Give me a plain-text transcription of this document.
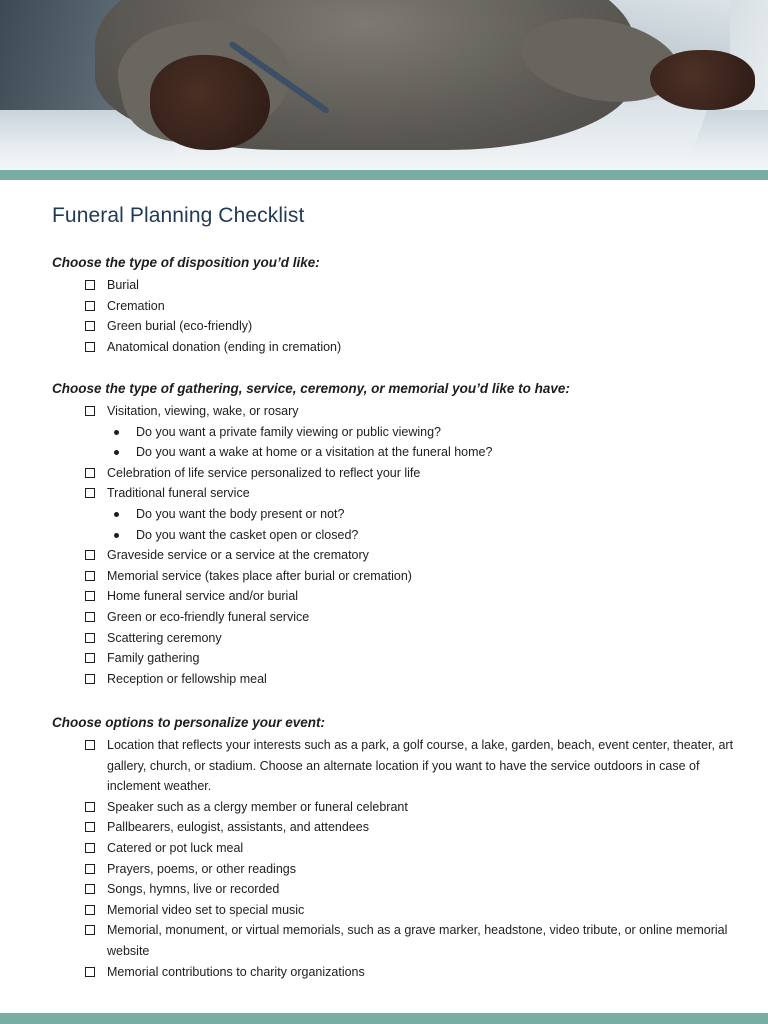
Funeral Planning Checklist
Choose the type of disposition you’d like:
Burial
Cremation
Green burial (eco-friendly)
Anatomical donation (ending in cremation)
Choose the type of gathering, service, ceremony, or memorial you’d like to have:
Visitation, viewing, wake, or rosary
Do you want a private family viewing or public viewing?
Do you want a wake at home or a visitation at the funeral home?
Celebration of life service personalized to reflect your life
Traditional funeral service
Do you want the body present or not?
Do you want the casket open or closed?
Graveside service or a service at the crematory
Memorial service (takes place after burial or cremation)
Home funeral service and/or burial
Green or eco-friendly funeral service
Scattering ceremony
Family gathering
Reception or fellowship meal
Choose options to personalize your event:
Location that reflects your interests such as a park, a golf course, a lake, garden, beach, event center, theater, art gallery, church, or stadium. Choose an alternate location if you want to have the service outdoors in case of inclement weather.
Speaker such as a clergy member or funeral celebrant
Pallbearers, eulogist, assistants, and attendees
Catered or pot luck meal
Prayers, poems, or other readings
Songs, hymns, live or recorded
Memorial video set to special music
Memorial, monument, or virtual memorials, such as a grave marker, headstone, video tribute, or online memorial website
Memorial contributions to charity organizations
